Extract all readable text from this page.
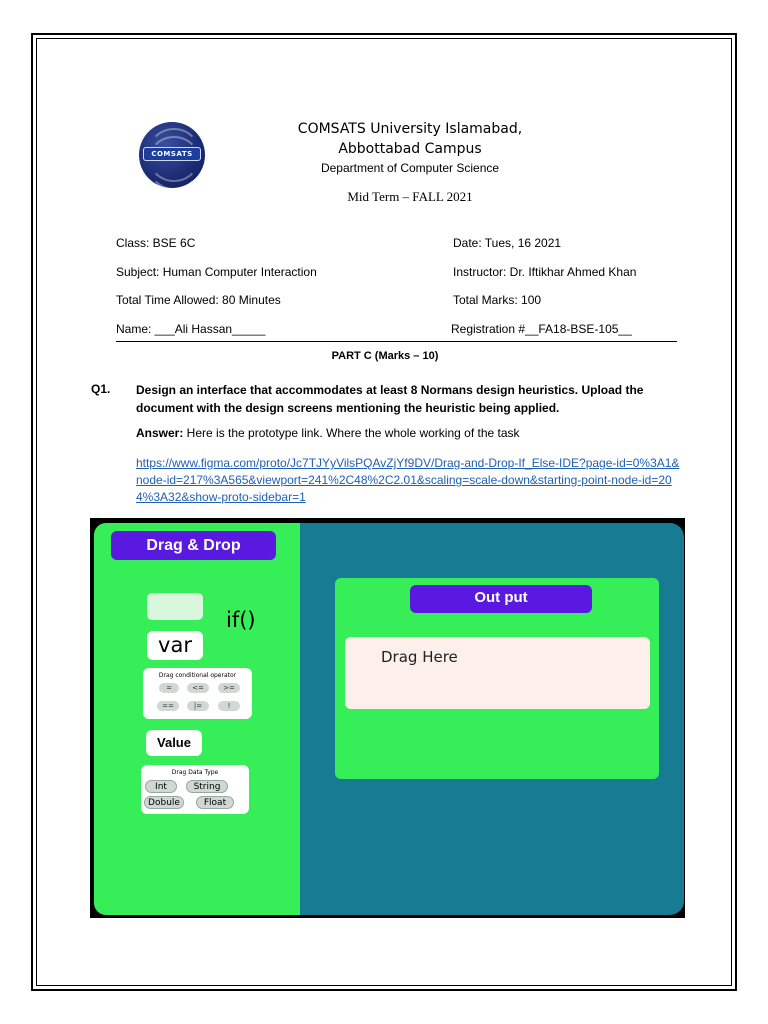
COMSATS
COMSATS University Islamabad,
Abbottabad Campus
Department of Computer Science
Mid Term – FALL 2021
Class: BSE 6C	Date: Tues, 16 2021
Subject: Human Computer Interaction	Instructor: Dr. Iftikhar Ahmed Khan
Total Time Allowed: 80 Minutes	Total Marks: 100
Name: ___Ali Hassan_____	Registration #__FA18-BSE-105__
PART C (Marks – 10)
Q1. Design an interface that accommodates at least 8 Normans design heuristics. Upload the document with the design screens mentioning the heuristic being applied.
Answer: Here is the prototype link. Where the whole working of the task
https://www.figma.com/proto/Jc7TJYyVilsPQAvZjYf9DV/Drag-and-Drop-If_Else-IDE?page-id=0%3A1&node-id=217%3A565&viewport=241%2C48%2C2.01&scaling=scale-down&starting-point-node-id=204%3A32&show-proto-sidebar=1
Drag & Drop
if()
var
Drag conditional operator
=	<=	>=
==	|=	!
Value
Drag Data Type
Int	String
Dobule	Float
Out put
Drag Here
